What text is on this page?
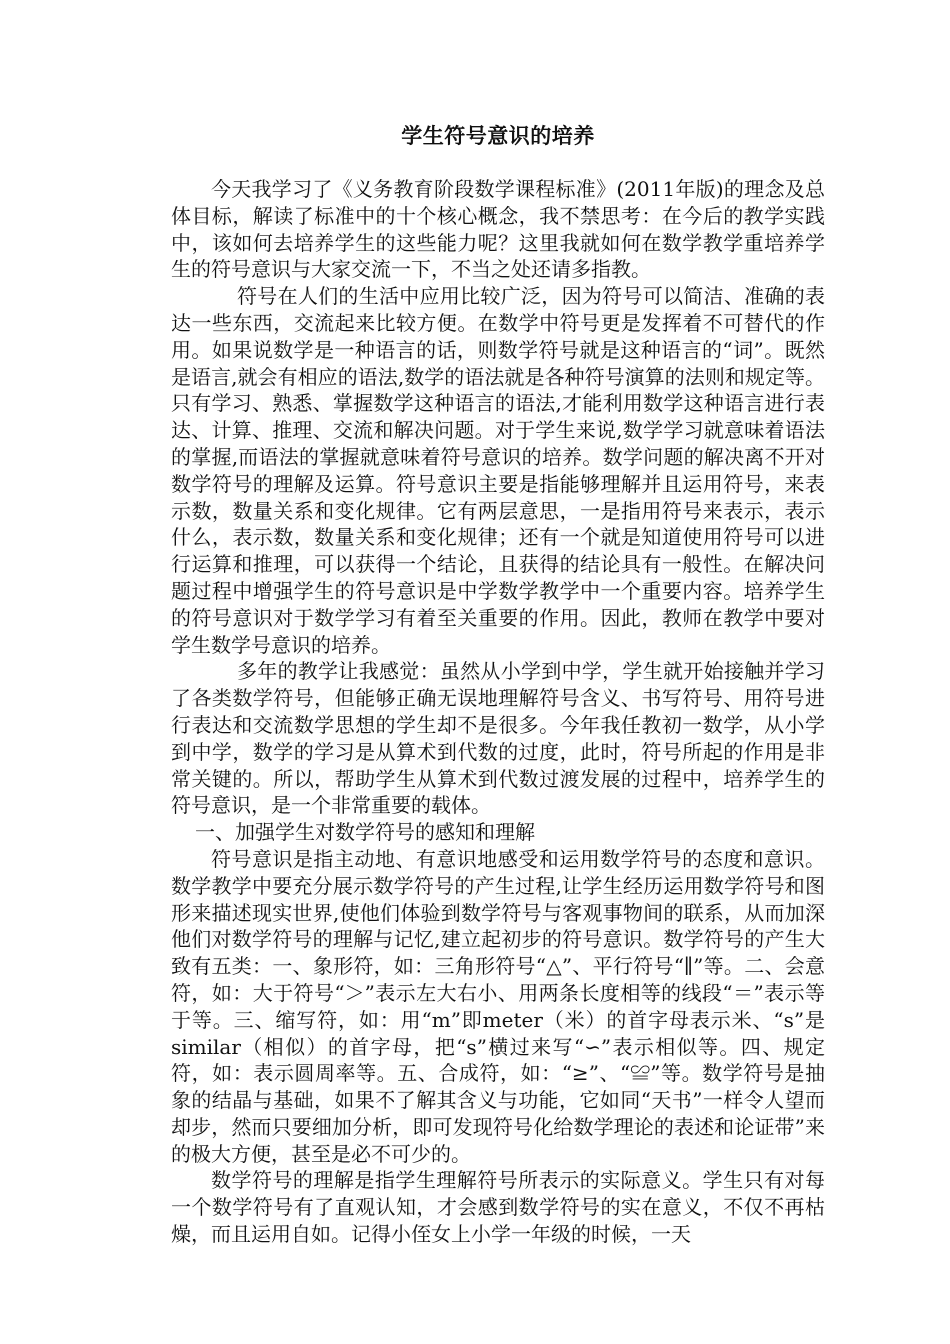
学生符号意识的培养

今天我学习了《义务教育阶段数学课程标准》(2011年版)的理念及总体目标，解读了标准中的十个核心概念，我不禁思考：在今后的教学实践中，该如何去培养学生的这些能力呢？这里我就如何在数学教学重培养学生的符号意识与大家交流一下，不当之处还请多指教。

符号在人们的生活中应用比较广泛，因为符号可以简洁、准确的表达一些东西，交流起来比较方便。在数学中符号更是发挥着不可替代的作用。如果说数学是一种语言的话，则数学符号就是这种语言的“词”。既然是语言,就会有相应的语法,数学的语法就是各种符号演算的法则和规定等。只有学习、熟悉、掌握数学这种语言的语法,才能利用数学这种语言进行表达、计算、推理、交流和解决问题。对于学生来说,数学学习就意味着语法的掌握,而语法的掌握就意味着符号意识的培养。数学问题的解决离不开对数学符号的理解及运算。符号意识主要是指能够理解并且运用符号，来表示数，数量关系和变化规律。它有两层意思，一是指用符号来表示，表示什么，表示数，数量关系和变化规律；还有一个就是知道使用符号可以进行运算和推理，可以获得一个结论，且获得的结论具有一般性。在解决问题过程中增强学生的符号意识是中学数学教学中一个重要内容。培养学生的符号意识对于数学学习有着至关重要的作用。因此，教师在教学中要对学生数学号意识的培养。

多年的教学让我感觉：虽然从小学到中学，学生就开始接触并学习了各类数学符号，但能够正确无误地理解符号含义、书写符号、用符号进行表达和交流数学思想的学生却不是很多。今年我任教初一数学，从小学到中学，数学的学习是从算术到代数的过度，此时，符号所起的作用是非常关键的。所以，帮助学生从算术到代数过渡发展的过程中，培养学生的符号意识，是一个非常重要的载体。

一、加强学生对数学符号的感知和理解

符号意识是指主动地、有意识地感受和运用数学符号的态度和意识。数学教学中要充分展示数学符号的产生过程,让学生经历运用数学符号和图形来描述现实世界,使他们体验到数学符号与客观事物间的联系，从而加深他们对数学符号的理解与记忆,建立起初步的符号意识。数学符号的产生大致有五类：一、象形符，如：三角形符号“△”、平行符号“∥”等。二、会意符，如：大于符号“＞”表示左大右小、用两条长度相等的线段“＝”表示等于等。三、缩写符，如：用“m”即meter（米）的首字母表示米、“s”是similar（相似）的首字母，把“s”横过来写“∽”表示相似等。四、规定符，如：表示圆周率等。五、合成符，如：“≥”、“≌”等。数学符号是抽象的结晶与基础，如果不了解其含义与功能，它如同“天书”一样令人望而却步，然而只要细加分析，即可发现符号化给数学理论的表述和论证带”来的极大方便，甚至是必不可少的。

数学符号的理解是指学生理解符号所表示的实际意义。学生只有对每一个数学符号有了直观认知，才会感到数学符号的实在意义，不仅不再枯燥，而且运用自如。记得小侄女上小学一年级的时候，一天
